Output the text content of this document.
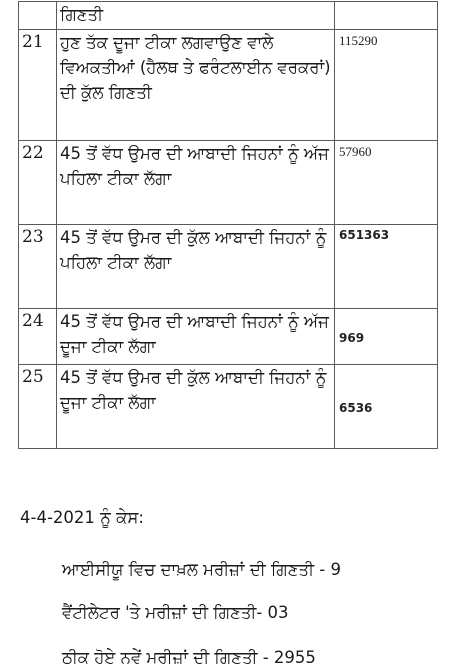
	ਗਿਣਤੀ	
21	ਹੁਣ ਤੱਕ ਦੂਜਾ ਟੀਕਾ ਲਗਵਾਉਣ ਵਾਲੇ ਵਿਅਕਤੀਆਂ (ਹੈਲਥ ਤੇ ਫਰੰਟਲਾਈਨ ਵਰਕਰਾਂ) ਦੀ ਕੁੱਲ ਗਿਣਤੀ	115290
22	45 ਤੋਂ ਵੱਧ ਉਮਰ ਦੀ ਆਬਾਦੀ ਜਿਹਨਾਂ ਨੂੰ ਅੱਜ ਪਹਿਲਾ ਟੀਕਾ ਲੱਗਾ	57960
23	45 ਤੋਂ ਵੱਧ ਉਮਰ ਦੀ ਕੁੱਲ ਆਬਾਦੀ ਜਿਹਨਾਂ ਨੂੰ ਪਹਿਲਾ ਟੀਕਾ ਲੱਗਾ	651363
24	45 ਤੋਂ ਵੱਧ ਉਮਰ ਦੀ ਆਬਾਦੀ ਜਿਹਨਾਂ ਨੂੰ ਅੱਜ ਦੂਜਾ ਟੀਕਾ ਲੱਗਾ	969
25	45 ਤੋਂ ਵੱਧ ਉਮਰ ਦੀ ਕੁੱਲ ਆਬਾਦੀ ਜਿਹਨਾਂ ਨੂੰ ਦੂਜਾ ਟੀਕਾ ਲੱਗਾ	6536
4-4-2021 ਨੂੰ ਕੇਸ:
ਆਈਸੀਯੂ ਵਿਚ ਦਾਖ਼ਲ ਮਰੀਜ਼ਾਂ ਦੀ ਗਿਣਤੀ - 9
ਵੈਂਟੀਲੇਟਰ 'ਤੇ ਮਰੀਜ਼ਾਂ ਦੀ ਗਿਣਤੀ- 03
ਠੀਕ ਹੋਏ ਨਵੇਂ ਮਰੀਜ਼ਾਂ ਦੀ ਗਿਣਤੀ - 2955
